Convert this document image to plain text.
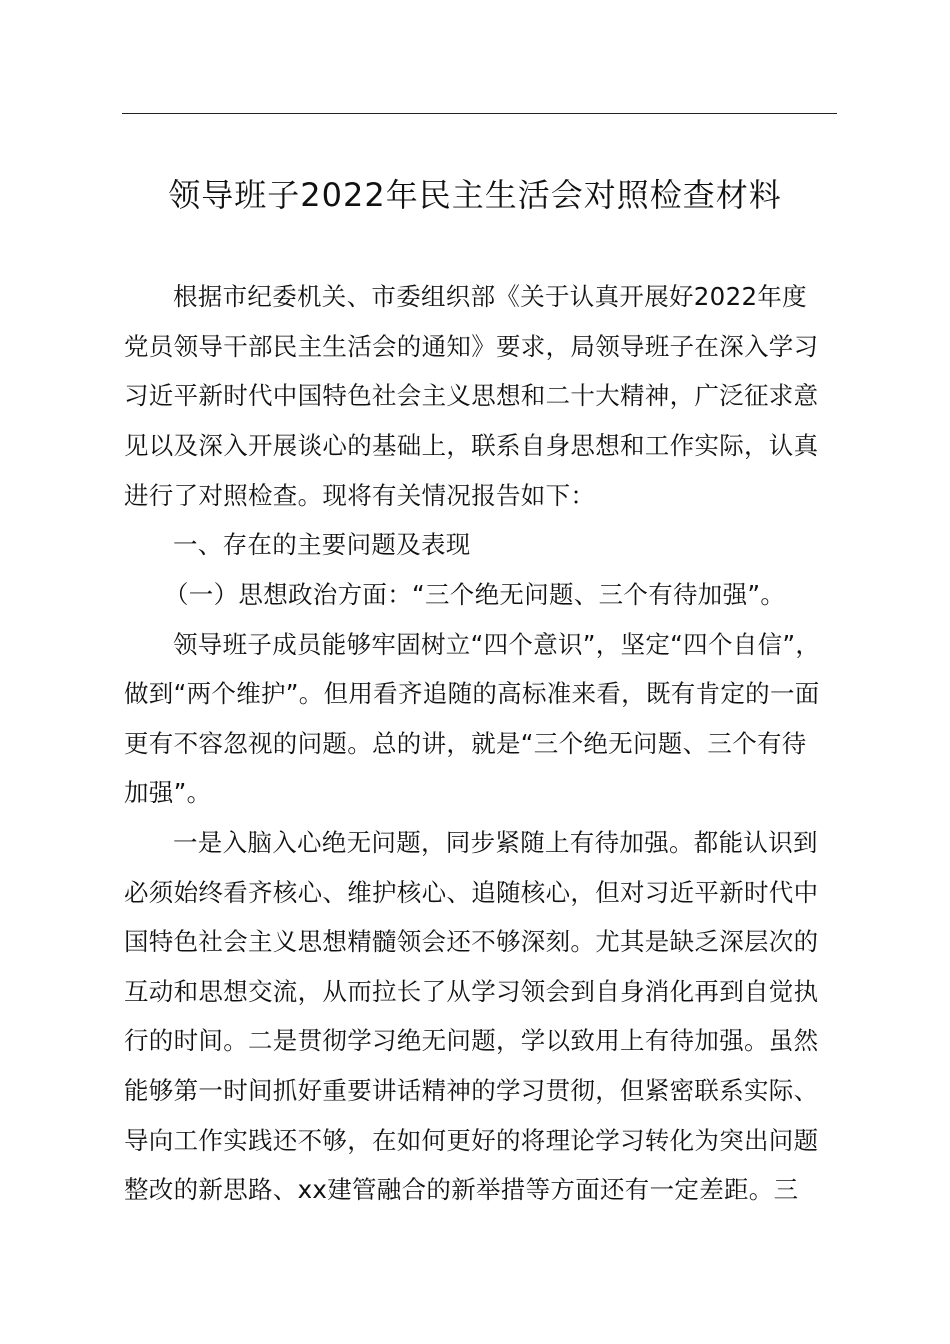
领导班子2022年民主生活会对照检查材料
根据市纪委机关、市委组织部《关于认真开展好2022年度
党员领导干部民主生活会的通知》要求，局领导班子在深入学习
习近平新时代中国特色社会主义思想和二十大精神，广泛征求意
见以及深入开展谈心的基础上，联系自身思想和工作实际，认真
进行了对照检查。现将有关情况报告如下：
一、存在的主要问题及表现
（一）思想政治方面：“三个绝无问题、三个有待加强”。
领导班子成员能够牢固树立“四个意识”，坚定“四个自信”，
做到“两个维护”。但用看齐追随的高标准来看，既有肯定的一面
更有不容忽视的问题。总的讲，就是“三个绝无问题、三个有待
加强”。
一是入脑入心绝无问题，同步紧随上有待加强。都能认识到
必须始终看齐核心、维护核心、追随核心，但对习近平新时代中
国特色社会主义思想精髓领会还不够深刻。尤其是缺乏深层次的
互动和思想交流，从而拉长了从学习领会到自身消化再到自觉执
行的时间。二是贯彻学习绝无问题，学以致用上有待加强。虽然
能够第一时间抓好重要讲话精神的学习贯彻，但紧密联系实际、
导向工作实践还不够，在如何更好的将理论学习转化为突出问题
整改的新思路、xx建管融合的新举措等方面还有一定差距。三
